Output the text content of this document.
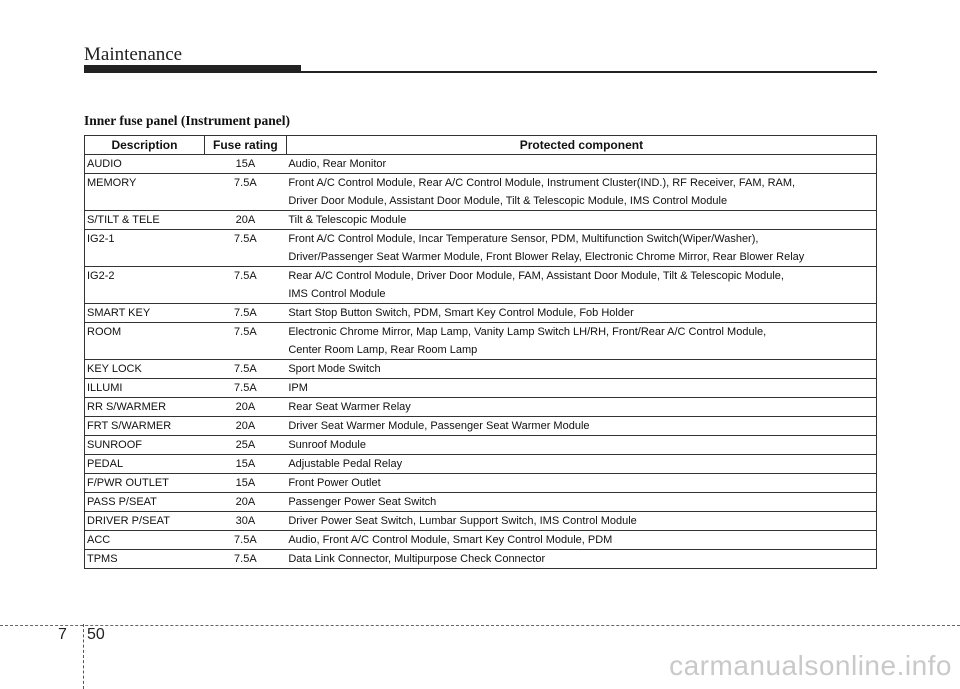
Maintenance
Inner fuse panel (Instrument panel)
Description	Fuse rating	Protected component
AUDIO	15A	Audio, Rear Monitor

MEMORY	7.5A	Front A/C Control Module, Rear A/C Control Module, Instrument Cluster(IND.), RF Receiver, FAM, RAM,
Driver Door Module, Assistant Door Module, Tilt & Telescopic Module, IMS Control Module

S/TILT & TELE	20A	Tilt & Telescopic Module

IG2-1	7.5A	Front A/C Control Module, Incar Temperature Sensor, PDM, Multifunction Switch(Wiper/Washer),
Driver/Passenger Seat Warmer Module, Front Blower Relay, Electronic Chrome Mirror, Rear Blower Relay

IG2-2	7.5A	Rear A/C Control Module, Driver Door Module, FAM, Assistant Door Module, Tilt & Telescopic Module,
IMS Control Module

SMART KEY	7.5A	Start Stop Button Switch, PDM, Smart Key Control Module, Fob Holder

ROOM	7.5A	Electronic Chrome Mirror, Map Lamp, Vanity Lamp Switch LH/RH, Front/Rear A/C Control Module,
Center Room Lamp, Rear Room Lamp

KEY LOCK	7.5A	Sport Mode Switch

ILLUMI	7.5A	IPM

RR S/WARMER	20A	Rear Seat Warmer Relay

FRT S/WARMER	20A	Driver Seat Warmer Module, Passenger Seat Warmer Module

SUNROOF	25A	Sunroof Module

PEDAL	15A	Adjustable Pedal Relay

F/PWR OUTLET	15A	Front Power Outlet

PASS P/SEAT	20A	Passenger Power Seat Switch

DRIVER P/SEAT	30A	Driver Power Seat Switch, Lumbar Support Switch, IMS Control Module

ACC	7.5A	Audio, Front A/C Control Module, Smart Key Control Module, PDM

TPMS	7.5A	Data Link Connector, Multipurpose Check Connector
7 50
carmanualsonline.info
